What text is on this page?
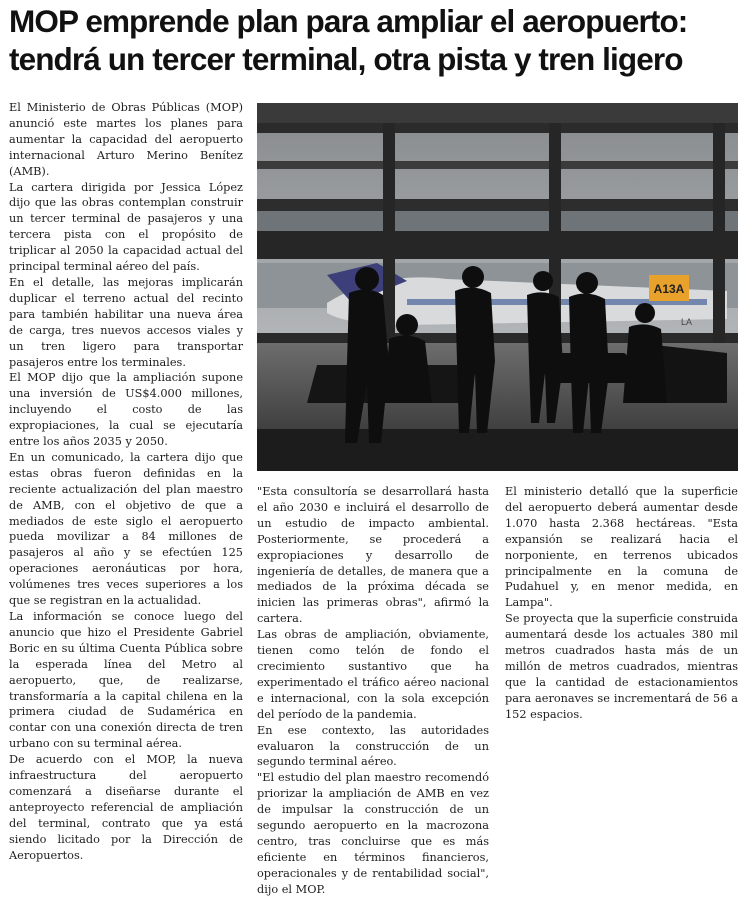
MOP emprende plan para ampliar el aeropuerto:
tendrá un tercer terminal, otra pista y tren ligero

El Ministerio de Obras Públicas (MOP) anunció este martes los planes para aumentar la capacidad del aeropuerto internacional Arturo Merino Benítez (AMB).

La cartera dirigida por Jessica López dijo que las obras contemplan construir un tercer terminal de pasajeros y una tercera pista con el propósito de triplicar al 2050 la capacidad actual del principal terminal aéreo del país.

En el detalle, las mejoras implicarán duplicar el terreno actual del recinto para también habilitar una nueva área de carga, tres nuevos accesos viales y un tren ligero para transportar pasajeros entre los terminales.

El MOP dijo que la ampliación supone una inversión de US$4.000 millones, incluyendo el costo de las expropiaciones, la cual se ejecutaría entre los años 2035 y 2050.

En un comunicado, la cartera dijo que estas obras fueron definidas en la reciente actualización del plan maestro de AMB, con el objetivo de que a mediados de este siglo el aeropuerto pueda movilizar a 84 millones de pasajeros al año y se efectúen 125 operaciones aeronáuticas por hora, volúmenes tres veces superiores a los que se registran en la actualidad.

La información se conoce luego del anuncio que hizo el Presidente Gabriel Boric en su última Cuenta Pública sobre la esperada línea del Metro al aeropuerto, que, de realizarse, transformaría a la capital chilena en la primera ciudad de Sudamérica en contar con una conexión directa de tren urbano con su terminal aérea.

De acuerdo con el MOP, la nueva infraestructura del aeropuerto comenzará a diseñarse durante el anteproyecto referencial de ampliación del terminal, contrato que ya está siendo licitado por la Dirección de Aeropuertos.

A13A
LA

"Esta consultoría se desarrollará hasta el año 2030 e incluirá el desarrollo de un estudio de impacto ambiental. Posteriormente, se procederá a expropiaciones y desarrollo de ingeniería de detalles, de manera que a mediados de la próxima década se inicien las primeras obras", afirmó la cartera.

Las obras de ampliación, obviamente, tienen como telón de fondo el crecimiento sustantivo que ha experimentado el tráfico aéreo nacional e internacional, con la sola excepción del período de la pandemia.

En ese contexto, las autoridades evaluaron la construcción de un segundo terminal aéreo.

"El estudio del plan maestro recomendó priorizar la ampliación de AMB en vez de impulsar la construcción de un segundo aeropuerto en la macrozona centro, tras concluirse que es más eficiente en términos financieros, operacionales y de rentabilidad social", dijo el MOP.

El ministerio detalló que la superficie del aeropuerto deberá aumentar desde 1.070 hasta 2.368 hectáreas. "Esta expansión se realizará hacia el norponiente, en terrenos ubicados principalmente en la comuna de Pudahuel y, en menor medida, en Lampa".

Se proyecta que la superficie construida aumentará desde los actuales 380 mil metros cuadrados hasta más de un millón de metros cuadrados, mientras que la cantidad de estacionamientos para aeronaves se incrementará de 56 a 152 espacios.
